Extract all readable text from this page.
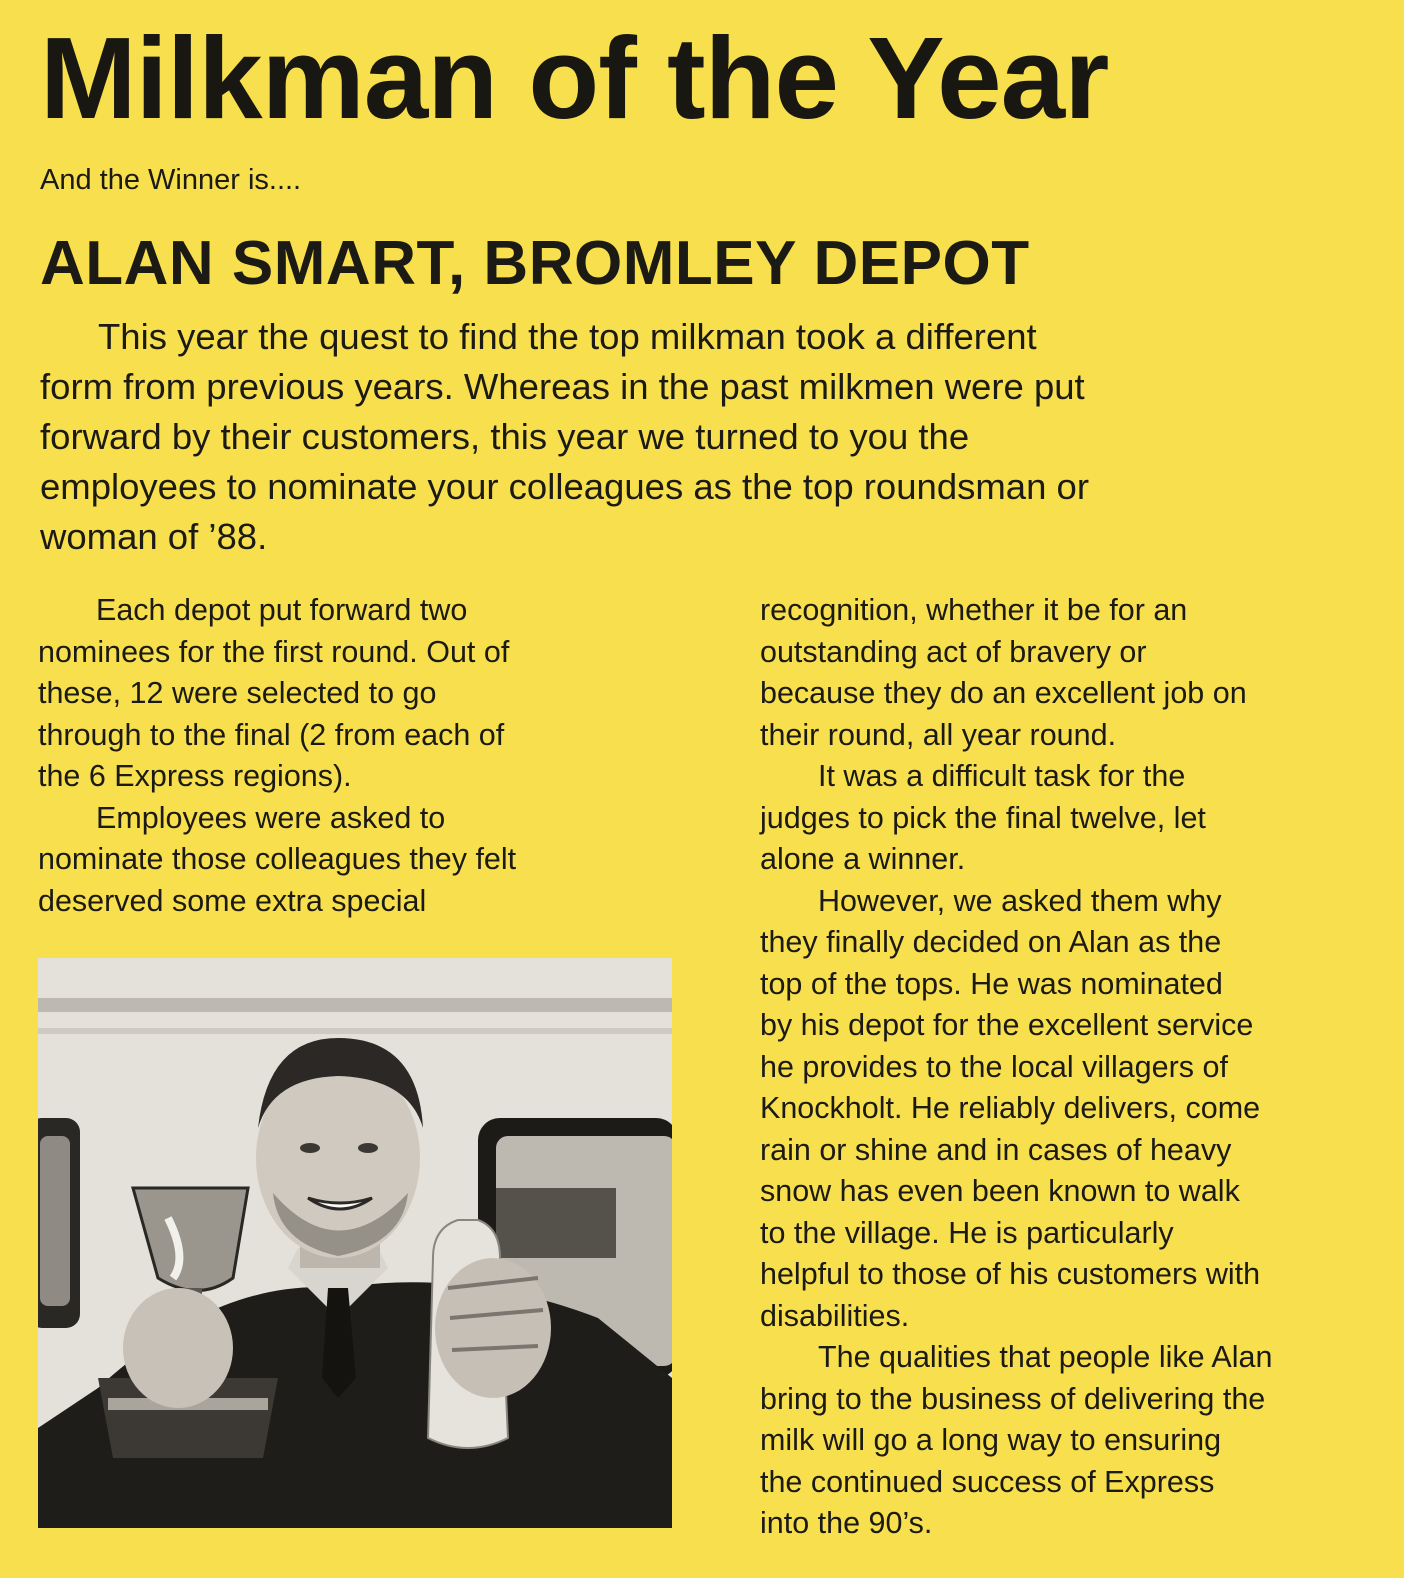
Milkman of the Year
And the Winner is....
ALAN SMART, BROMLEY DEPOT

This year the quest to find the top milkman took a different
form from previous years. Whereas in the past milkmen were put
forward by their customers, this year we turned to you the
employees to nominate your colleagues as the top roundsman or
woman of ’88.

Each depot put forward two
nominees for the first round. Out of
these, 12 were selected to go
through to the final (2 from each of
the 6 Express regions).
Employees were asked to
nominate those colleagues they felt
deserved some extra special
recognition, whether it be for an
outstanding act of bravery or
because they do an excellent job on
their round, all year round.
It was a difficult task for the
judges to pick the final twelve, let
alone a winner.
However, we asked them why
they finally decided on Alan as the
top of the tops. He was nominated
by his depot for the excellent service
he provides to the local villagers of
Knockholt. He reliably delivers, come
rain or shine and in cases of heavy
snow has even been known to walk
to the village. He is particularly
helpful to those of his customers with
disabilities.
The qualities that people like Alan
bring to the business of delivering the
milk will go a long way to ensuring
the continued success of Express
into the 90’s.
